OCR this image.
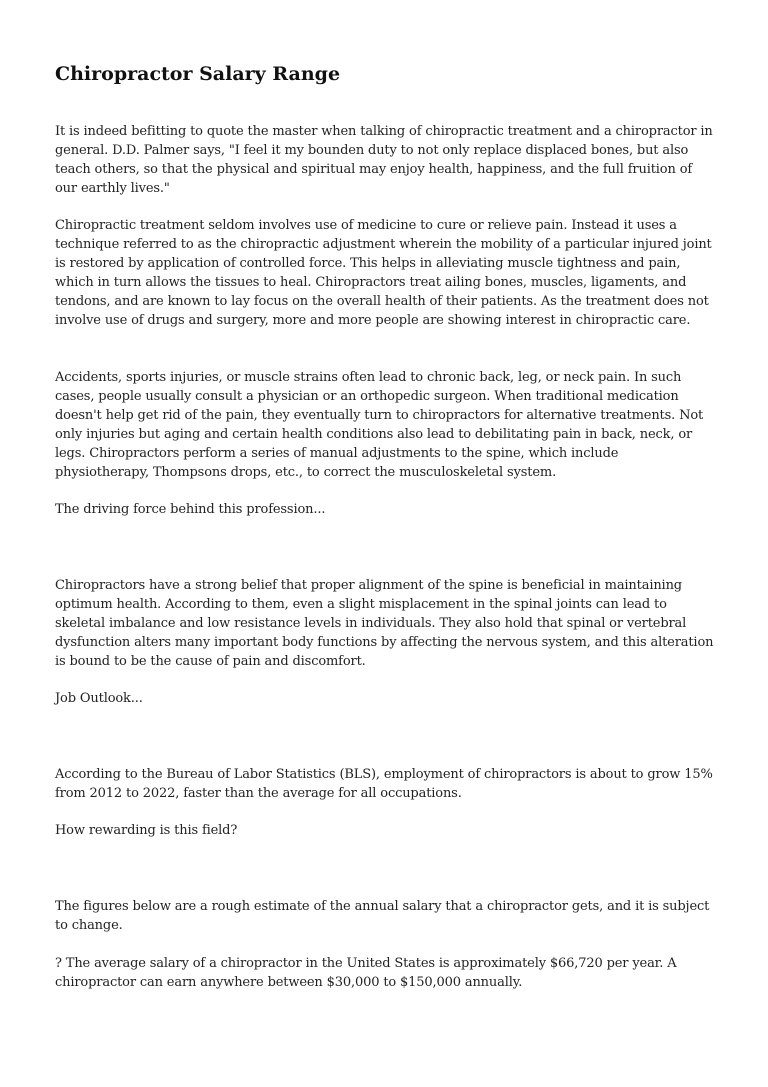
Chiropractor Salary Range

It is indeed befitting to quote the master when talking of chiropractic treatment and a chiropractor in general. D.D. Palmer says, "I feel it my bounden duty to not only replace displaced bones, but also teach others, so that the physical and spiritual may enjoy health, happiness, and the full fruition of our earthly lives."

Chiropractic treatment seldom involves use of medicine to cure or relieve pain. Instead it uses a technique referred to as the chiropractic adjustment wherein the mobility of a particular injured joint is restored by application of controlled force. This helps in alleviating muscle tightness and pain, which in turn allows the tissues to heal. Chiropractors treat ailing bones, muscles, ligaments, and tendons, and are known to lay focus on the overall health of their patients. As the treatment does not involve use of drugs and surgery, more and more people are showing interest in chiropractic care.

Accidents, sports injuries, or muscle strains often lead to chronic back, leg, or neck pain. In such cases, people usually consult a physician or an orthopedic surgeon. When traditional medication doesn't help get rid of the pain, they eventually turn to chiropractors for alternative treatments. Not only injuries but aging and certain health conditions also lead to debilitating pain in back, neck, or legs. Chiropractors perform a series of manual adjustments to the spine, which include physiotherapy, Thompsons drops, etc., to correct the musculoskeletal system.

The driving force behind this profession...

Chiropractors have a strong belief that proper alignment of the spine is beneficial in maintaining optimum health. According to them, even a slight misplacement in the spinal joints can lead to skeletal imbalance and low resistance levels in individuals. They also hold that spinal or vertebral dysfunction alters many important body functions by affecting the nervous system, and this alteration is bound to be the cause of pain and discomfort.

Job Outlook...

According to the Bureau of Labor Statistics (BLS), employment of chiropractors is about to grow 15% from 2012 to 2022, faster than the average for all occupations.

How rewarding is this field?

The figures below are a rough estimate of the annual salary that a chiropractor gets, and it is subject to change.

? The average salary of a chiropractor in the United States is approximately $66,720 per year. A chiropractor can earn anywhere between $30,000 to $150,000 annually.
